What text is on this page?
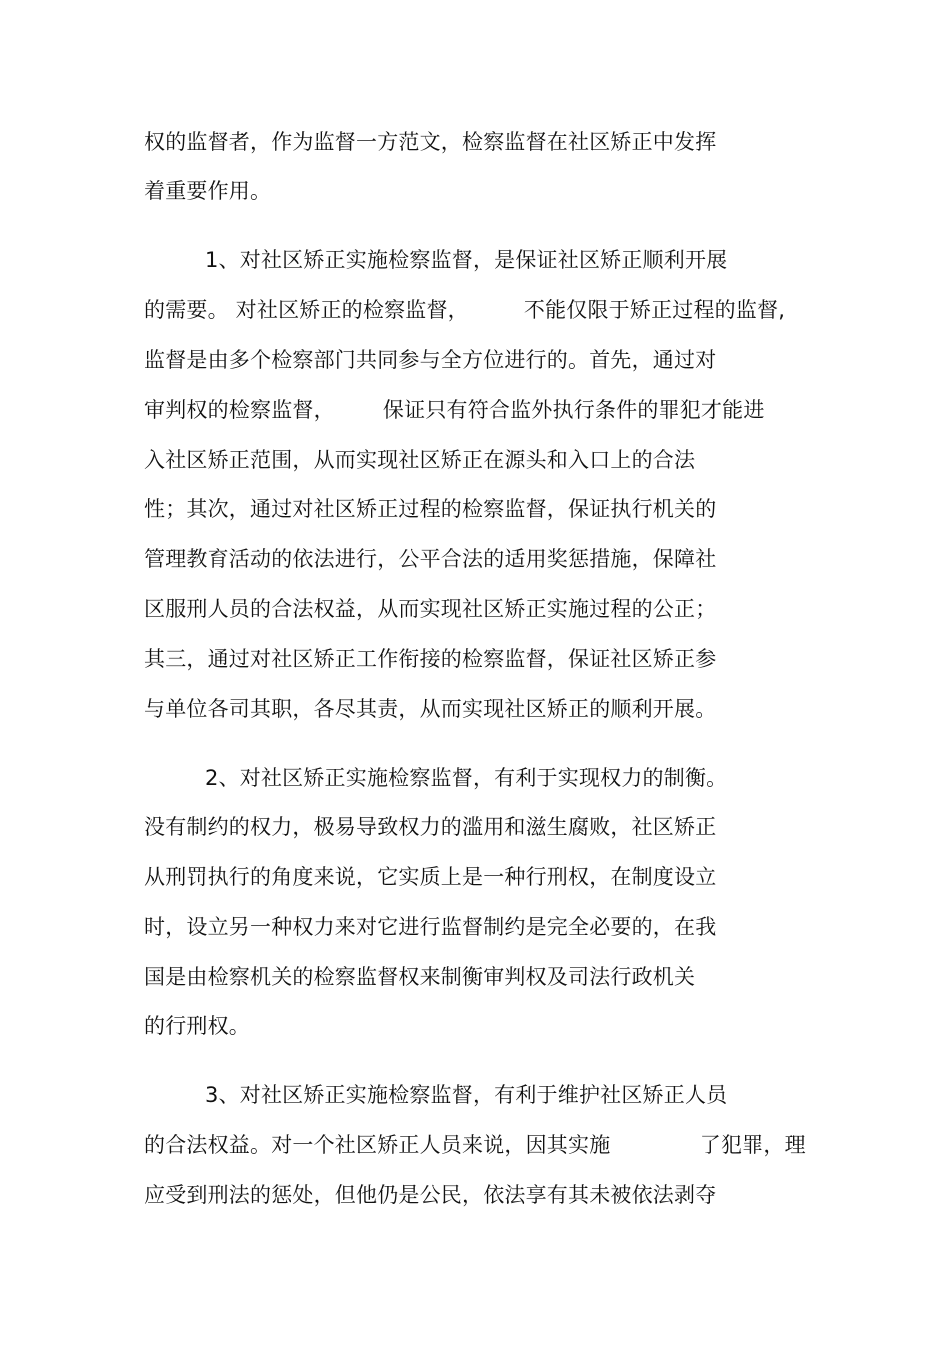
权的监督者，作为监督一方范文，检察监督在社区矫正中发挥
着重要作用。
1、对社区矫正实施检察监督，是保证社区矫正顺利开展
的需要。 对社区矫正的检察监督，        不能仅限于矫正过程的监督,
监督是由多个检察部门共同参与全方位进行的。首先，通过对
审判权的检察监督，       保证只有符合监外执行条件的罪犯才能进
入社区矫正范围，从而实现社区矫正在源头和入口上的合法
性；其次，通过对社区矫正过程的检察监督，保证执行机关的
管理教育活动的依法进行，公平合法的适用奖惩措施，保障社
区服刑人员的合法权益，从而实现社区矫正实施过程的公正；
其三，通过对社区矫正工作衔接的检察监督，保证社区矫正参
与单位各司其职，各尽其责，从而实现社区矫正的顺利开展。
2、对社区矫正实施检察监督，有利于实现权力的制衡。
没有制约的权力，极易导致权力的滥用和滋生腐败，社区矫正
从刑罚执行的角度来说，它实质上是一种行刑权，在制度设立
时，设立另一种权力来对它进行监督制约是完全必要的，在我
国是由检察机关的检察监督权来制衡审判权及司法行政机关
的行刑权。
3、对社区矫正实施检察监督，有利于维护社区矫正人员
的合法权益。对一个社区矫正人员来说，因其实施             了犯罪，理
应受到刑法的惩处，但他仍是公民，依法享有其未被依法剥夺
